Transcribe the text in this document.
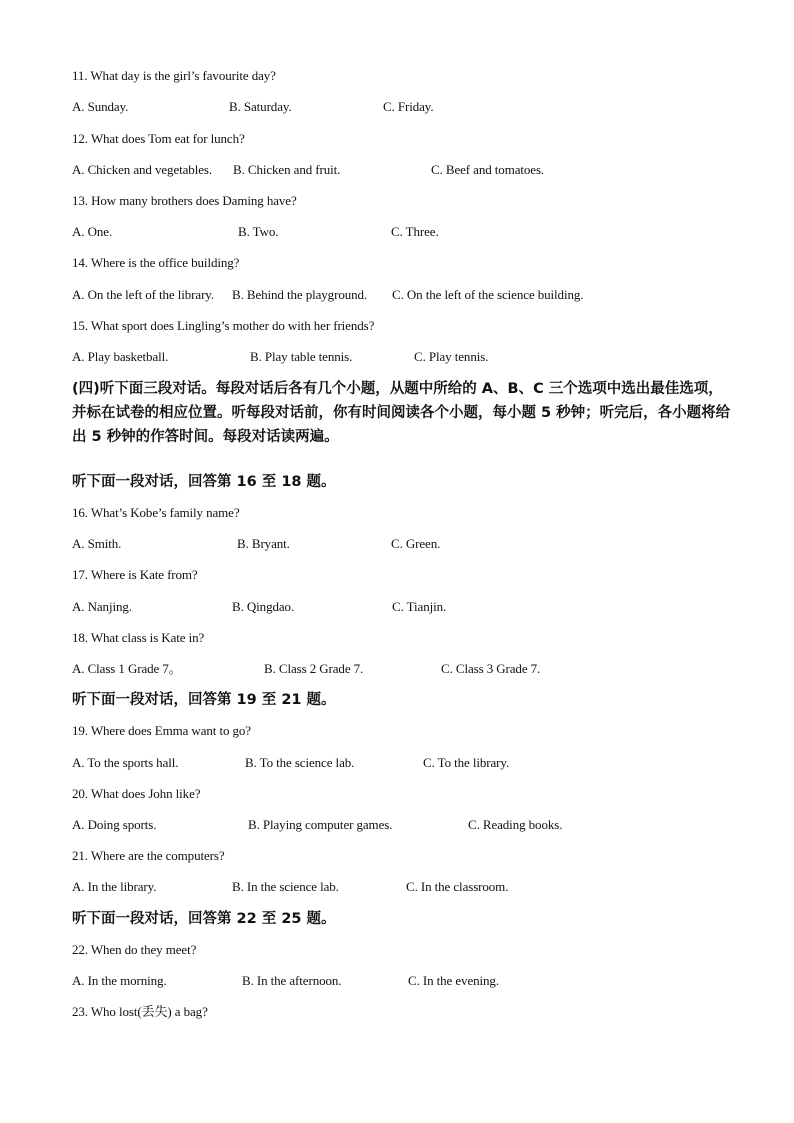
11. What day is the girl’s favourite day?
A. Sunday.	B. Saturday.	C. Friday.
12. What does Tom eat for lunch?
A. Chicken and vegetables. B. Chicken and fruit.	C. Beef and tomatoes.
13. How many brothers does Daming have?
A. One.	B. Two.	C. Three.
14. Where is the office building?
A. On the left of the library. B. Behind the playground. C. On the left of the science building.
15. What sport does Lingling’s mother do with her friends?
A. Play basketball.	B. Play table tennis.	C. Play tennis.

(四)听下面三段对话。每段对话后各有几个小题，从题中所给的 A、B、C 三个选项中选出最佳选项，并标在试卷的相应位置。听每段对话前，你有时间阅读各个小题，每小题 5 秒钟；听完后，各小题将给出 5 秒钟的作答时间。每段对话读两遍。

听下面一段对话，回答第 16 至 18 题。
16. What’s Kobe’s family name?
A. Smith.	B. Bryant.	C. Green.
17. Where is Kate from?
A. Nanjing.	B. Qingdao.	C. Tianjin.
18. What class is Kate in?
A. Class 1 Grade 7。	B. Class 2 Grade 7.	C. Class 3 Grade 7.
听下面一段对话，回答第 19 至 21 题。
19. Where does Emma want to go?
A. To the sports hall.	B. To the science lab.	C. To the library.
20. What does John like?
A. Doing sports.	B. Playing computer games.	C. Reading books.
21. Where are the computers?
A. In the library.	B. In the science lab.	C. In the classroom.
听下面一段对话，回答第 22 至 25 题。
22. When do they meet?
A. In the morning.	B. In the afternoon.	C. In the evening.
23. Who lost(丢失) a bag?
